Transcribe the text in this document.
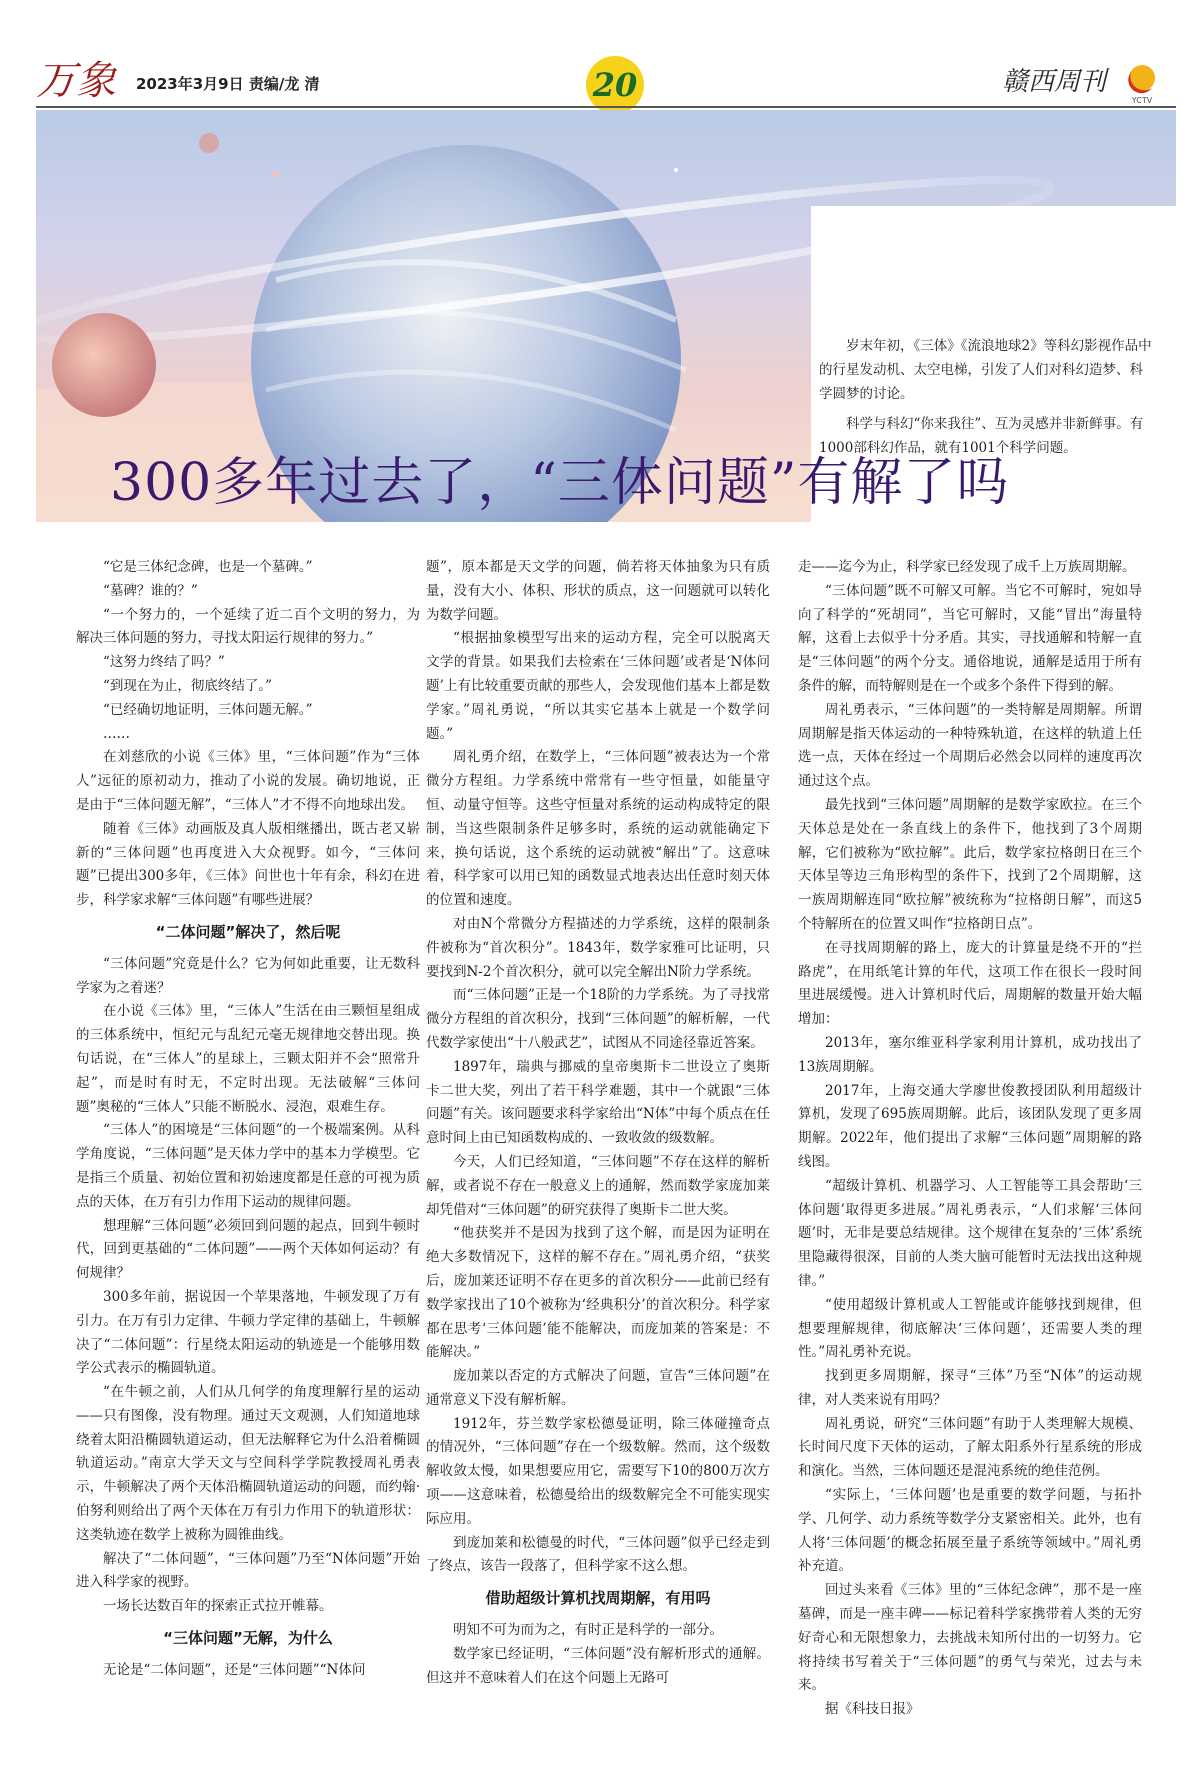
万象 2023年3月9日 责编/龙 清	20	赣西周刊
YCTV

岁末年初，《三体》《流浪地球2》等科幻影视作品中的行星发动机、太空电梯，引发了人们对科幻造梦、科学圆梦的讨论。

科学与科幻“你来我往”、互为灵感并非新鲜事。有1000部科幻作品，就有1001个科学问题。

300多年过去了，“三体问题”有解了吗

“它是三体纪念碑，也是一个墓碑。”

“墓碑？谁的？”

“一个努力的，一个延续了近二百个文明的努力，为解决三体问题的努力，寻找太阳运行规律的努力。”

“这努力终结了吗？”

“到现在为止，彻底终结了。”

“已经确切地证明，三体问题无解。”

……

在刘慈欣的小说《三体》里，“三体问题”作为“三体人”远征的原初动力，推动了小说的发展。确切地说，正是由于“三体问题无解”，“三体人”才不得不向地球出发。

随着《三体》动画版及真人版相继播出，既古老又崭新的“三体问题”也再度进入大众视野。如今，“三体问题”已提出300多年，《三体》问世也十年有余，科幻在进步，科学家求解“三体问题”有哪些进展？

“二体问题”解决了，然后呢

“三体问题”究竟是什么？它为何如此重要，让无数科学家为之着迷？

在小说《三体》里，“三体人”生活在由三颗恒星组成的三体系统中，恒纪元与乱纪元毫无规律地交替出现。换句话说，在“三体人”的星球上，三颗太阳并不会“照常升起”，而是时有时无，不定时出现。无法破解“三体问题”奥秘的“三体人”只能不断脱水、浸泡，艰难生存。

“三体人”的困境是“三体问题”的一个极端案例。从科学角度说，“三体问题”是天体力学中的基本力学模型。它是指三个质量、初始位置和初始速度都是任意的可视为质点的天体，在万有引力作用下运动的规律问题。

想理解“三体问题”必须回到问题的起点，回到牛顿时代，回到更基础的“二体问题”——两个天体如何运动？有何规律？

300多年前，据说因一个苹果落地，牛顿发现了万有引力。在万有引力定律、牛顿力学定律的基础上，牛顿解决了“二体问题”：行星绕太阳运动的轨迹是一个能够用数学公式表示的椭圆轨道。

“在牛顿之前，人们从几何学的角度理解行星的运动——只有图像，没有物理。通过天文观测，人们知道地球绕着太阳沿椭圆轨道运动，但无法解释它为什么沿着椭圆轨道运动。”南京大学天文与空间科学学院教授周礼勇表示，牛顿解决了两个天体沿椭圆轨道运动的问题，而约翰·伯努利则给出了两个天体在万有引力作用下的轨道形状：这类轨迹在数学上被称为圆锥曲线。

解决了“二体问题”，“三体问题”乃至“N体问题”开始进入科学家的视野。

一场长达数百年的探索正式拉开帷幕。

“三体问题”无解，为什么

无论是“二体问题”，还是“三体问题”“N体问

题”，原本都是天文学的问题，倘若将天体抽象为只有质量，没有大小、体积、形状的质点，这一问题就可以转化为数学问题。

“根据抽象模型写出来的运动方程，完全可以脱离天文学的背景。如果我们去检索在‘三体问题’或者是‘N体问题’上有比较重要贡献的那些人，会发现他们基本上都是数学家。”周礼勇说，“所以其实它基本上就是一个数学问题。”

周礼勇介绍，在数学上，“三体问题”被表达为一个常微分方程组。力学系统中常常有一些守恒量，如能量守恒、动量守恒等。这些守恒量对系统的运动构成特定的限制，当这些限制条件足够多时，系统的运动就能确定下来，换句话说，这个系统的运动就被“解出”了。这意味着，科学家可以用已知的函数显式地表达出任意时刻天体的位置和速度。

对由N个常微分方程描述的力学系统，这样的限制条件被称为“首次积分”。1843年，数学家雅可比证明，只要找到N-2个首次积分，就可以完全解出N阶力学系统。

而“三体问题”正是一个18阶的力学系统。为了寻找常微分方程组的首次积分，找到“三体问题”的解析解，一代代数学家使出“十八般武艺”，试图从不同途径靠近答案。

1897年，瑞典与挪威的皇帝奥斯卡二世设立了奥斯卡二世大奖，列出了若干科学难题，其中一个就跟“三体问题”有关。该问题要求科学家给出“N体”中每个质点在任意时间上由已知函数构成的、一致收敛的级数解。

今天，人们已经知道，“三体问题”不存在这样的解析解，或者说不存在一般意义上的通解，然而数学家庞加莱却凭借对“三体问题”的研究获得了奥斯卡二世大奖。

“他获奖并不是因为找到了这个解，而是因为证明在绝大多数情况下，这样的解不存在。”周礼勇介绍，“获奖后，庞加莱还证明不存在更多的首次积分——此前已经有数学家找出了10个被称为‘经典积分’的首次积分。科学家都在思考‘三体问题’能不能解决，而庞加莱的答案是：不能解决。”

庞加莱以否定的方式解决了问题，宣告“三体问题”在通常意义下没有解析解。

1912年，芬兰数学家松德曼证明，除三体碰撞奇点的情况外，“三体问题”存在一个级数解。然而，这个级数解收敛太慢，如果想要应用它，需要写下10的800万次方项——这意味着，松德曼给出的级数解完全不可能实现实际应用。

到庞加莱和松德曼的时代，“三体问题”似乎已经走到了终点，该告一段落了，但科学家不这么想。

借助超级计算机找周期解，有用吗

明知不可为而为之，有时正是科学的一部分。

数学家已经证明，“三体问题”没有解析形式的通解。但这并不意味着人们在这个问题上无路可

走——迄今为止，科学家已经发现了成千上万族周期解。

“三体问题”既不可解又可解。当它不可解时，宛如导向了科学的“死胡同”，当它可解时，又能“冒出”海量特解，这看上去似乎十分矛盾。其实，寻找通解和特解一直是“三体问题”的两个分支。通俗地说，通解是适用于所有条件的解，而特解则是在一个或多个条件下得到的解。

周礼勇表示，“三体问题”的一类特解是周期解。所谓周期解是指天体运动的一种特殊轨道，在这样的轨道上任选一点，天体在经过一个周期后必然会以同样的速度再次通过这个点。

最先找到“三体问题”周期解的是数学家欧拉。在三个天体总是处在一条直线上的条件下，他找到了3个周期解，它们被称为“欧拉解”。此后，数学家拉格朗日在三个天体呈等边三角形构型的条件下，找到了2个周期解，这一族周期解连同“欧拉解”被统称为“拉格朗日解”，而这5个特解所在的位置又叫作“拉格朗日点”。

在寻找周期解的路上，庞大的计算量是绕不开的“拦路虎”，在用纸笔计算的年代，这项工作在很长一段时间里进展缓慢。进入计算机时代后，周期解的数量开始大幅增加：

2013年，塞尔维亚科学家利用计算机，成功找出了13族周期解。

2017年，上海交通大学廖世俊教授团队利用超级计算机，发现了695族周期解。此后，该团队发现了更多周期解。2022年，他们提出了求解“三体问题”周期解的路线图。

“超级计算机、机器学习、人工智能等工具会帮助‘三体问题’取得更多进展。”周礼勇表示，“人们求解‘三体问题’时，无非是要总结规律。这个规律在复杂的‘三体’系统里隐藏得很深，目前的人类大脑可能暂时无法找出这种规律。”

“使用超级计算机或人工智能或许能够找到规律，但想要理解规律，彻底解决‘三体问题’，还需要人类的理性。”周礼勇补充说。

找到更多周期解，探寻“三体”乃至“N体”的运动规律，对人类来说有用吗？

周礼勇说，研究“三体问题”有助于人类理解大规模、长时间尺度下天体的运动，了解太阳系外行星系统的形成和演化。当然，三体问题还是混沌系统的绝佳范例。

“实际上，‘三体问题’也是重要的数学问题，与拓扑学、几何学、动力系统等数学分支紧密相关。此外，也有人将‘三体问题’的概念拓展至量子系统等领域中。”周礼勇补充道。

回过头来看《三体》里的“三体纪念碑”，那不是一座墓碑，而是一座丰碑——标记着科学家携带着人类的无穷好奇心和无限想象力，去挑战未知所付出的一切努力。它将持续书写着关于“三体问题”的勇气与荣光，过去与未来。

据《科技日报》
